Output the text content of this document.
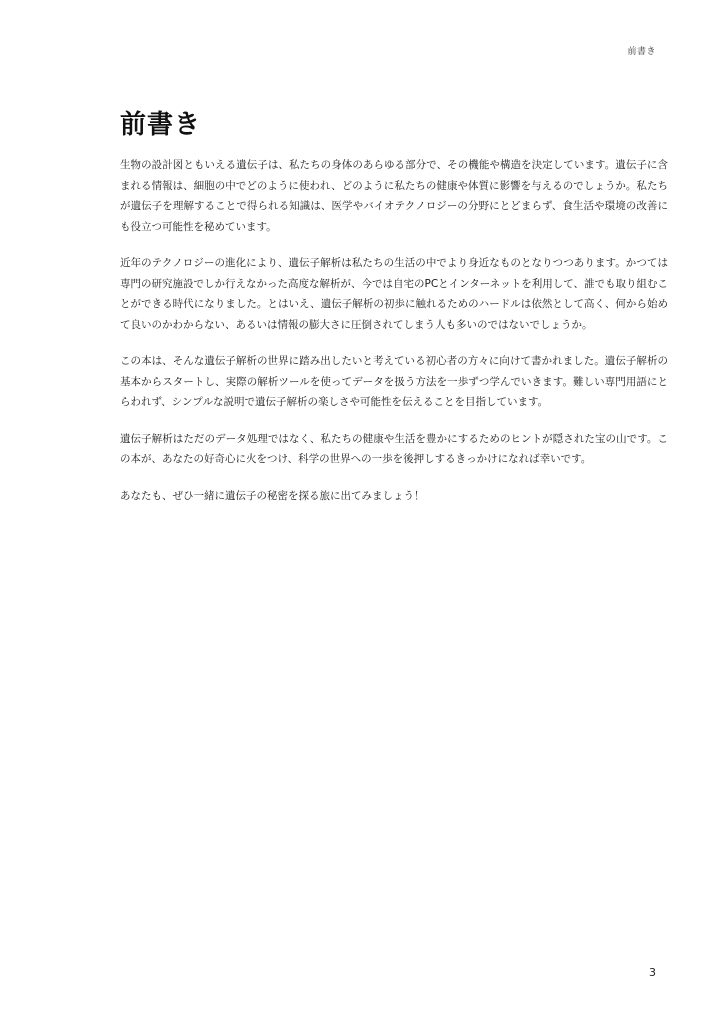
前書き
前書き

生物の設計図ともいえる遺伝子は、私たちの身体のあらゆる部分で、その機能や構造を決定しています。遺伝子に含まれる情報は、細胞の中でどのように使われ、どのように私たちの健康や体質に影響を与えるのでしょうか。私たちが遺伝子を理解することで得られる知識は、医学やバイオテクノロジーの分野にとどまらず、食生活や環境の改善にも役立つ可能性を秘めています。

近年のテクノロジーの進化により、遺伝子解析は私たちの生活の中でより身近なものとなりつつあります。かつては専門の研究施設でしか行えなかった高度な解析が、今では自宅のPCとインターネットを利用して、誰でも取り組むことができる時代になりました。とはいえ、遺伝子解析の初歩に触れるためのハードルは依然として高く、何から始めて良いのかわからない、あるいは情報の膨大さに圧倒されてしまう人も多いのではないでしょうか。

この本は、そんな遺伝子解析の世界に踏み出したいと考えている初心者の方々に向けて書かれました。遺伝子解析の基本からスタートし、実際の解析ツールを使ってデータを扱う方法を一歩ずつ学んでいきます。難しい専門用語にとらわれず、シンプルな説明で遺伝子解析の楽しさや可能性を伝えることを目指しています。

遺伝子解析はただのデータ処理ではなく、私たちの健康や生活を豊かにするためのヒントが隠された宝の山です。この本が、あなたの好奇心に火をつけ、科学の世界への一歩を後押しするきっかけになれば幸いです。

あなたも、ぜひ一緒に遺伝子の秘密を探る旅に出てみましょう！

3
